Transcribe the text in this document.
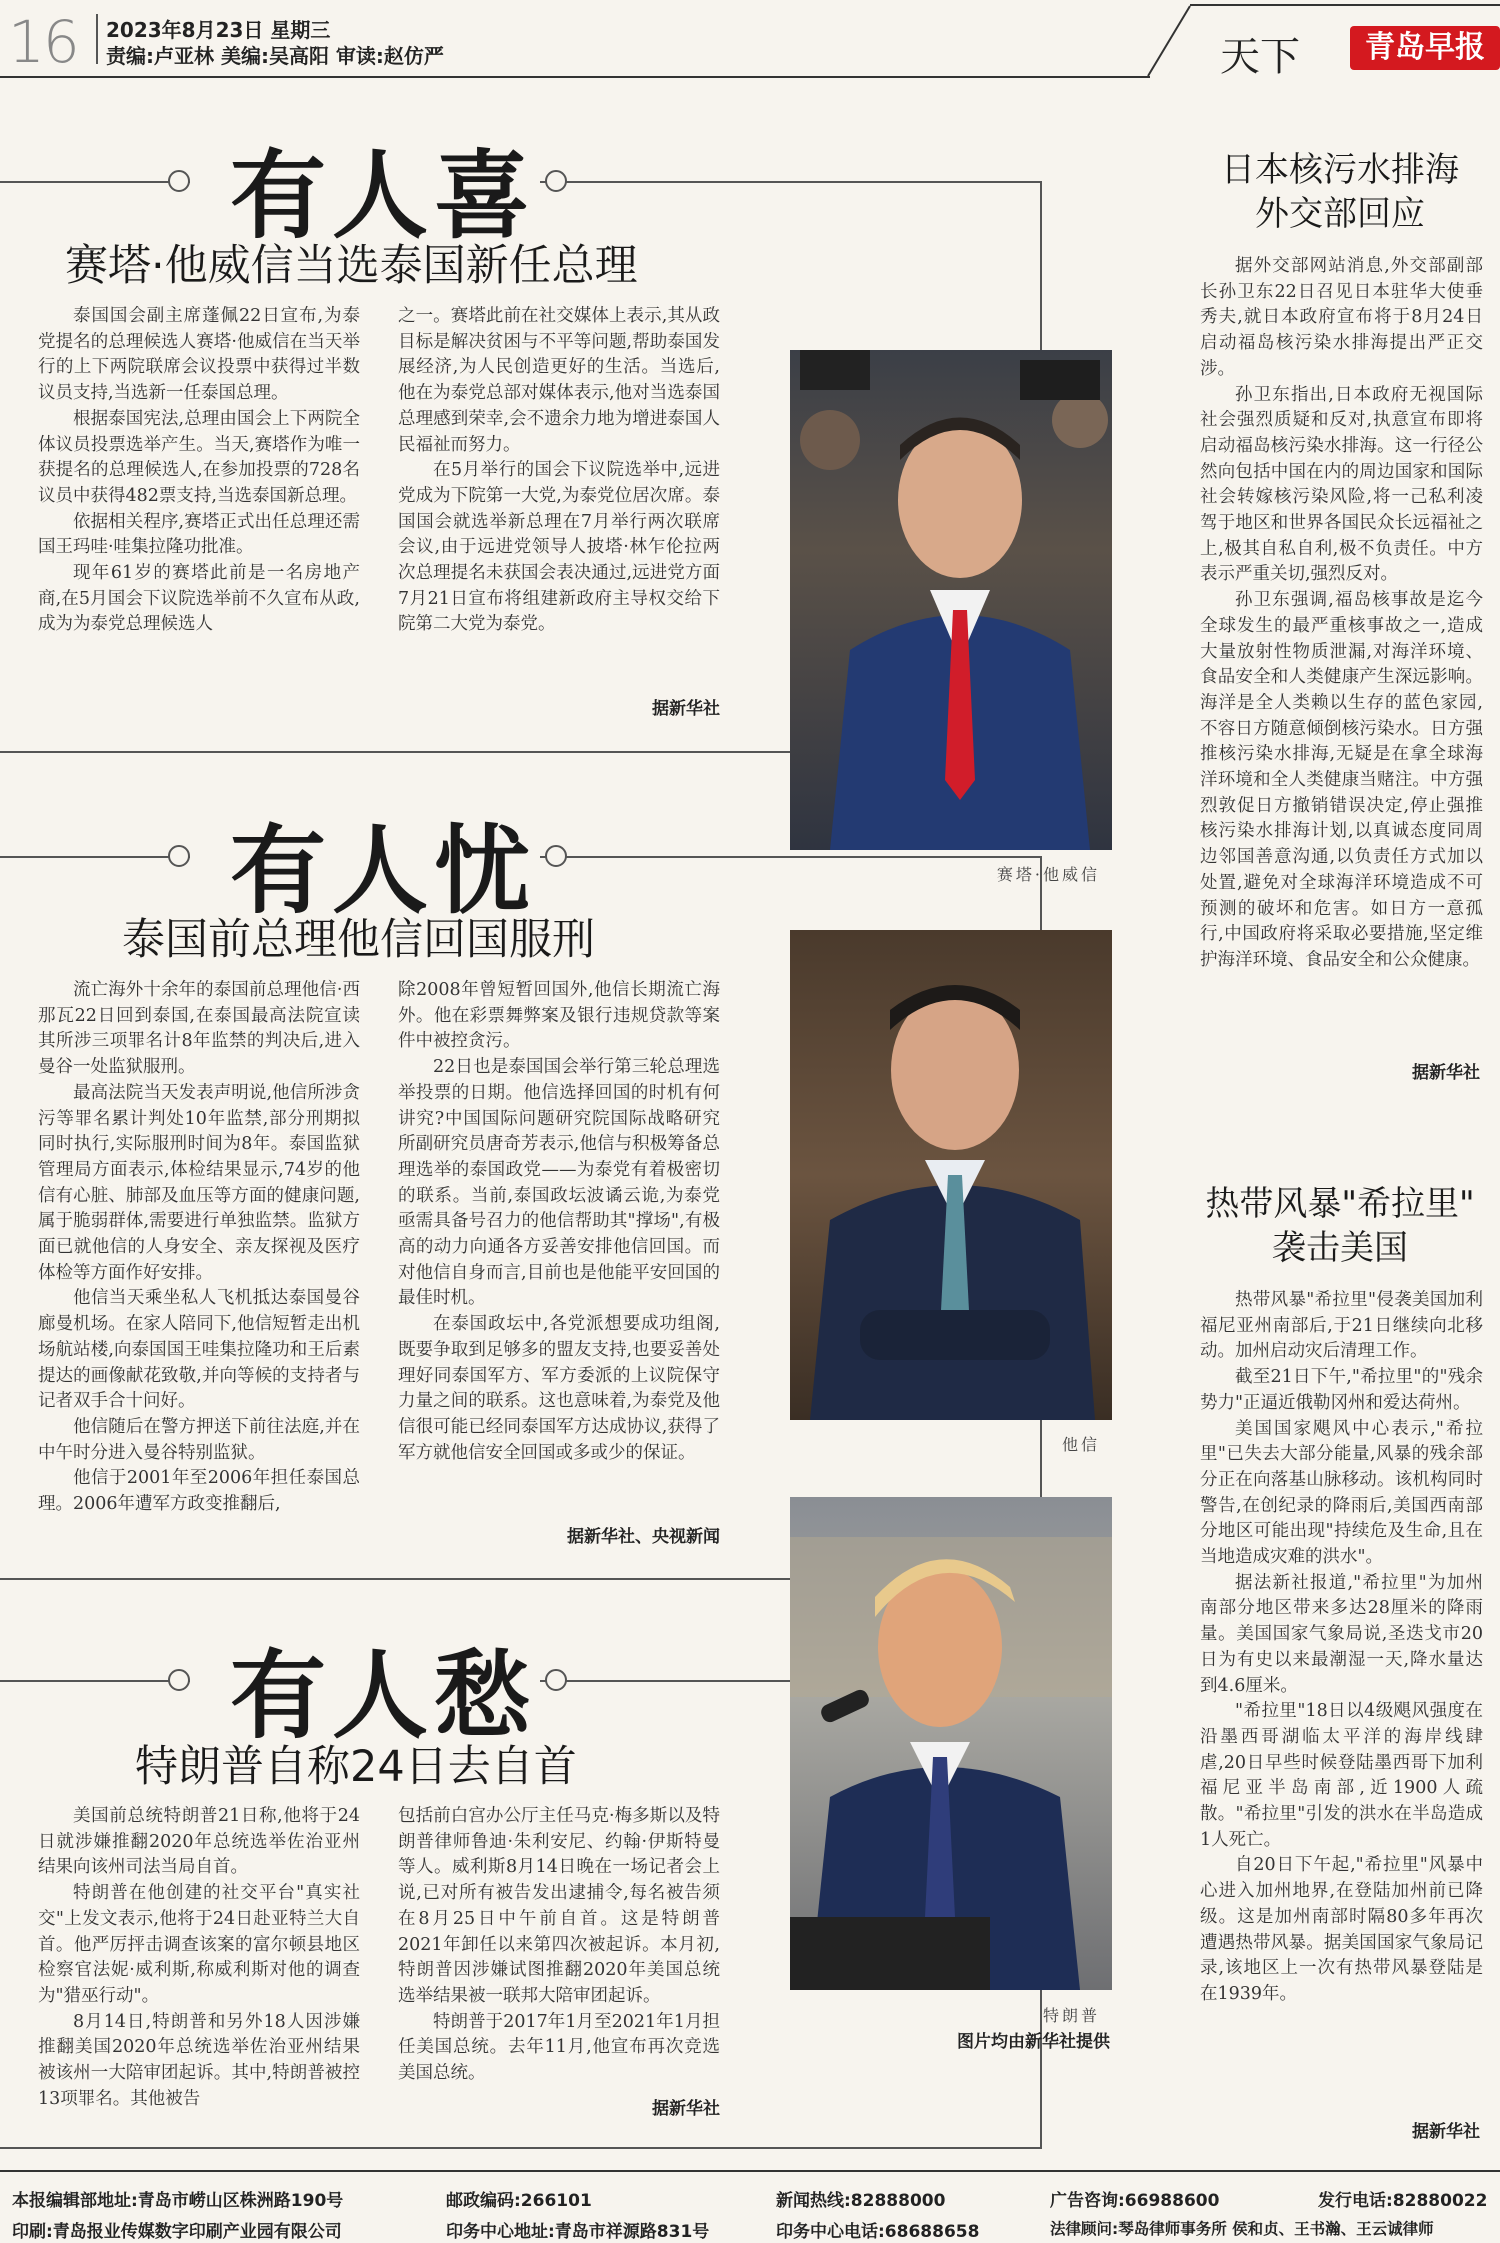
16 2023年8月23日 星期三
责编:卢亚林 美编:吴高阳 审读:赵仿严	天下	青岛早报
有人喜
赛塔·他威信当选泰国新任总理

泰国国会副主席蓬佩22日宣布,为泰党提名的总理候选人赛塔·他威信在当天举行的上下两院联席会议投票中获得过半数议员支持,当选新一任泰国总理。

根据泰国宪法,总理由国会上下两院全体议员投票选举产生。当天,赛塔作为唯一获提名的总理候选人,在参加投票的728名议员中获得482票支持,当选泰国新总理。

依据相关程序,赛塔正式出任总理还需国王玛哇·哇集拉隆功批准。

现年61岁的赛塔此前是一名房地产商,在5月国会下议院选举前不久宣布从政,成为为泰党总理候选人

之一。赛塔此前在社交媒体上表示,其从政目标是解决贫困与不平等问题,帮助泰国发展经济,为人民创造更好的生活。当选后,他在为泰党总部对媒体表示,他对当选泰国总理感到荣幸,会不遗余力地为增进泰国人民福祉而努力。

在5月举行的国会下议院选举中,远进党成为下院第一大党,为泰党位居次席。泰国国会就选举新总理在7月举行两次联席会议,由于远进党领导人披塔·林乍伦拉两次总理提名未获国会表决通过,远进党方面7月21日宣布将组建新政府主导权交给下院第二大党为泰党。

据新华社
赛塔·他威信
有人忧
泰国前总理他信回国服刑

流亡海外十余年的泰国前总理他信·西那瓦22日回到泰国,在泰国最高法院宣读其所涉三项罪名计8年监禁的判决后,进入曼谷一处监狱服刑。

最高法院当天发表声明说,他信所涉贪污等罪名累计判处10年监禁,部分刑期拟同时执行,实际服刑时间为8年。泰国监狱管理局方面表示,体检结果显示,74岁的他信有心脏、肺部及血压等方面的健康问题,属于脆弱群体,需要进行单独监禁。监狱方面已就他信的人身安全、亲友探视及医疗体检等方面作好安排。

他信当天乘坐私人飞机抵达泰国曼谷廊曼机场。在家人陪同下,他信短暂走出机场航站楼,向泰国国王哇集拉隆功和王后素提达的画像献花致敬,并向等候的支持者与记者双手合十问好。

他信随后在警方押送下前往法庭,并在中午时分进入曼谷特别监狱。

他信于2001年至2006年担任泰国总理。2006年遭军方政变推翻后,

除2008年曾短暂回国外,他信长期流亡海外。他在彩票舞弊案及银行违规贷款等案件中被控贪污。

22日也是泰国国会举行第三轮总理选举投票的日期。他信选择回国的时机有何讲究?中国国际问题研究院国际战略研究所副研究员唐奇芳表示,他信与积极筹备总理选举的泰国政党——为泰党有着极密切的联系。当前,泰国政坛波谲云诡,为泰党亟需具备号召力的他信帮助其"撑场",有极高的动力向通各方妥善安排他信回国。而对他信自身而言,目前也是他能平安回国的最佳时机。

在泰国政坛中,各党派想要成功组阁,既要争取到足够多的盟友支持,也要妥善处理好同泰国军方、军方委派的上议院保守力量之间的联系。这也意味着,为泰党及他信很可能已经同泰国军方达成协议,获得了军方就他信安全回国或多或少的保证。

据新华社、央视新闻
他信
有人愁
特朗普自称24日去自首

美国前总统特朗普21日称,他将于24日就涉嫌推翻2020年总统选举佐治亚州结果向该州司法当局自首。

特朗普在他创建的社交平台"真实社交"上发文表示,他将于24日赴亚特兰大自首。他严厉抨击调查该案的富尔顿县地区检察官法妮·威利斯,称威利斯对他的调查为"猎巫行动"。

8月14日,特朗普和另外18人因涉嫌推翻美国2020年总统选举佐治亚州结果被该州一大陪审团起诉。其中,特朗普被控13项罪名。其他被告

包括前白宫办公厅主任马克·梅多斯以及特朗普律师鲁迪·朱利安尼、约翰·伊斯特曼等人。威利斯8月14日晚在一场记者会上说,已对所有被告发出逮捕令,每名被告须在8月25日中午前自首。这是特朗普2021年卸任以来第四次被起诉。本月初,特朗普因涉嫌试图推翻2020年美国总统选举结果被一联邦大陪审团起诉。

特朗普于2017年1月至2021年1月担任美国总统。去年11月,他宣布再次竞选美国总统。

据新华社
特朗普
图片均由新华社提供
日本核污水排海
外交部回应

据外交部网站消息,外交部副部长孙卫东22日召见日本驻华大使垂秀夫,就日本政府宣布将于8月24日启动福岛核污染水排海提出严正交涉。

孙卫东指出,日本政府无视国际社会强烈质疑和反对,执意宣布即将启动福岛核污染水排海。这一行径公然向包括中国在内的周边国家和国际社会转嫁核污染风险,将一己私利凌驾于地区和世界各国民众长远福祉之上,极其自私自利,极不负责任。中方表示严重关切,强烈反对。

孙卫东强调,福岛核事故是迄今全球发生的最严重核事故之一,造成大量放射性物质泄漏,对海洋环境、食品安全和人类健康产生深远影响。海洋是全人类赖以生存的蓝色家园,不容日方随意倾倒核污染水。日方强推核污染水排海,无疑是在拿全球海洋环境和全人类健康当赌注。中方强烈敦促日方撤销错误决定,停止强推核污染水排海计划,以真诚态度同周边邻国善意沟通,以负责任方式加以处置,避免对全球海洋环境造成不可预测的破坏和危害。如日方一意孤行,中国政府将采取必要措施,坚定维护海洋环境、食品安全和公众健康。

据新华社
热带风暴"希拉里"
袭击美国

热带风暴"希拉里"侵袭美国加利福尼亚州南部后,于21日继续向北移动。加州启动灾后清理工作。

截至21日下午,"希拉里"的"残余势力"正逼近俄勒冈州和爱达荷州。

美国国家飓风中心表示,"希拉里"已失去大部分能量,风暴的残余部分正在向落基山脉移动。该机构同时警告,在创纪录的降雨后,美国西南部分地区可能出现"持续危及生命,且在当地造成灾难的洪水"。

据法新社报道,"希拉里"为加州南部分地区带来多达28厘米的降雨量。美国国家气象局说,圣迭戈市20日为有史以来最潮湿一天,降水量达到4.6厘米。

"希拉里"18日以4级飓风强度在沿墨西哥湖临太平洋的海岸线肆虐,20日早些时候登陆墨西哥下加利福尼亚半岛南部,近1900人疏散。"希拉里"引发的洪水在半岛造成1人死亡。

自20日下午起,"希拉里"风暴中心进入加州地界,在登陆加州前已降级。这是加州南部时隔80多年再次遭遇热带风暴。据美国国家气象局记录,该地区上一次有热带风暴登陆是在1939年。

据新华社
本报编辑部地址:青岛市崂山区株洲路190号	邮政编码:266101	新闻热线:82888000	广告咨询:66988600	发行电话:82880022
印刷:青岛报业传媒数字印刷产业园有限公司	印务中心地址:青岛市祥源路831号	印务中心电话:68688658	法律顾问:琴岛律师事务所 侯和贞、王书瀚、王云诚律师
